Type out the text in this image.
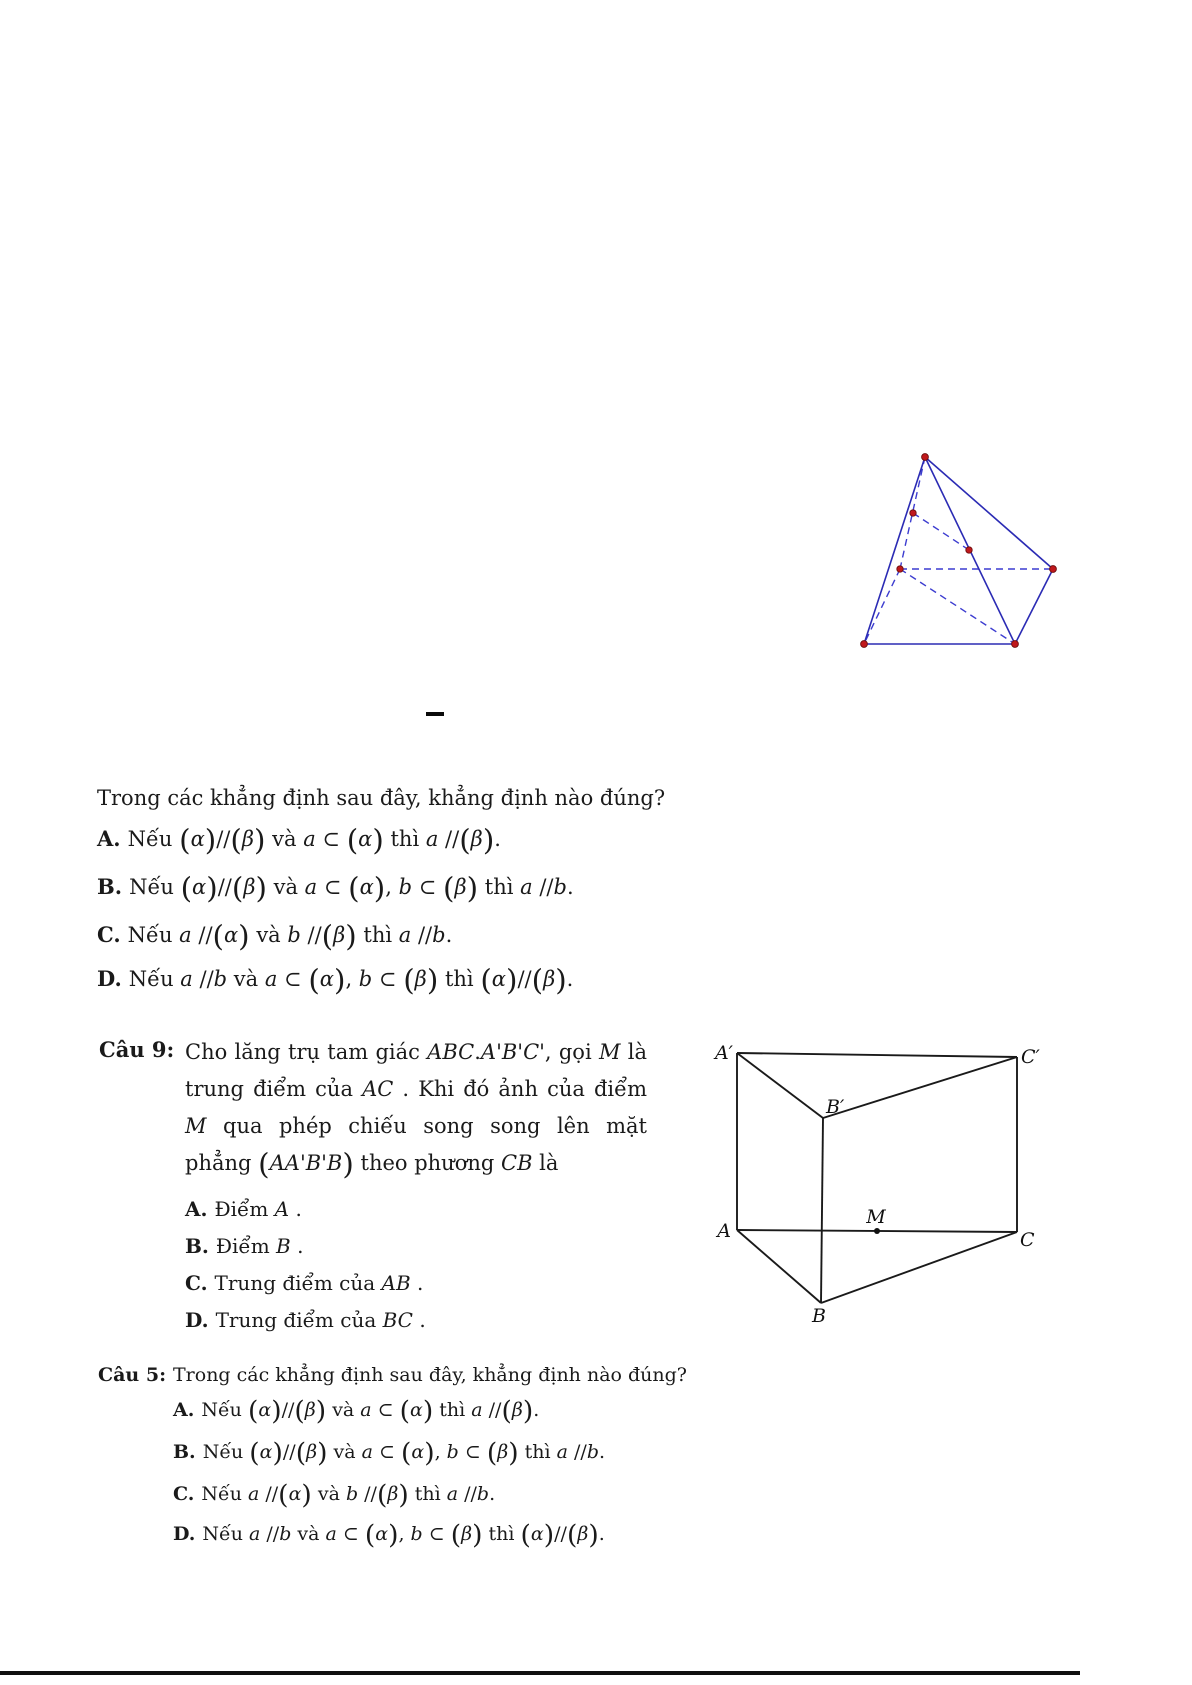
Trong các khẳng định sau đây, khẳng định nào đúng?
A. Nếu (α)//(β) và a ⊂ (α) thì a //(β).
B. Nếu (α)//(β) và a ⊂ (α), b ⊂ (β) thì a //b.
C. Nếu a //(α) và b //(β) thì a //b.
D. Nếu a //b và a ⊂ (α), b ⊂ (β) thì (α)//(β).
Câu 9: Cho lăng trụ tam giác ABC.A'B'C', gọi M là trung điểm của AC . Khi đó ảnh của điểm M qua phép chiếu song song lên mặt phẳng (AA'B'B) theo phương CB là
A. Điểm A .
B. Điểm B .
C. Trung điểm của AB .
D. Trung điểm của BC .
A′	C′
B′
A	C
B
M
Câu 5: Trong các khẳng định sau đây, khẳng định nào đúng?
A. Nếu (α)//(β) và a ⊂ (α) thì a //(β).
B. Nếu (α)//(β) và a ⊂ (α), b ⊂ (β) thì a //b.
C. Nếu a //(α) và b //(β) thì a //b.
D. Nếu a //b và a ⊂ (α), b ⊂ (β) thì (α)//(β).
